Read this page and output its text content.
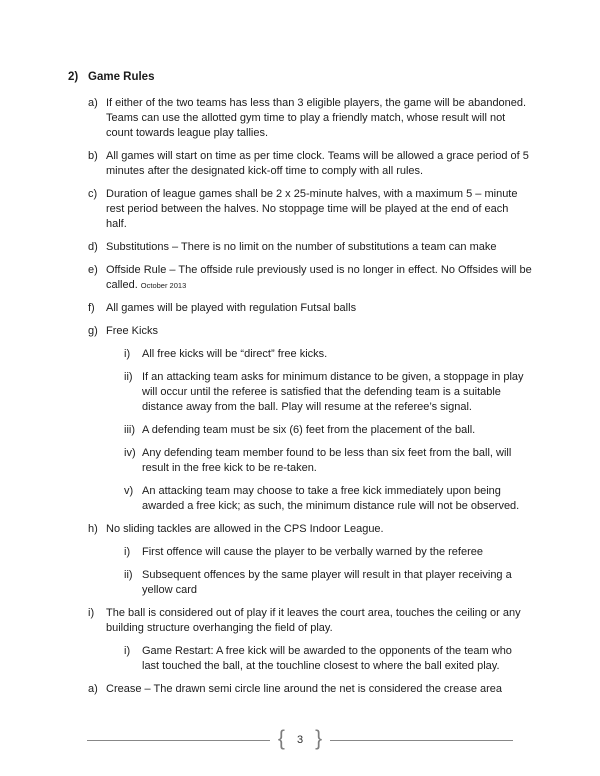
2) Game Rules
a) If either of the two teams has less than 3 eligible players, the game will be abandoned. Teams can use the allotted gym time to play a friendly match, whose result will not count towards league play tallies.
b) All games will start on time as per time clock. Teams will be allowed a grace period of 5 minutes after the designated kick-off time to comply with all rules.
c) Duration of league games shall be 2 x 25-minute halves, with a maximum 5 – minute rest period between the halves. No stoppage time will be played at the end of each half.
d) Substitutions – There is no limit on the number of substitutions a team can make
e) Offside Rule – The offside rule previously used is no longer in effect. No Offsides will be called. October 2013
f)	All games will be played with regulation Futsal balls
g) Free Kicks
i)	All free kicks will be “direct” free kicks.
ii) If an attacking team asks for minimum distance to be given, a stoppage in play will occur until the referee is satisfied that the defending team is a suitable distance away from the ball. Play will resume at the referee’s signal.
iii) A defending team must be six (6) feet from the placement of the ball.
iv) Any defending team member found to be less than six feet from the ball, will result in the free kick to be re-taken.
v) An attacking team may choose to take a free kick immediately upon being awarded a free kick; as such, the minimum distance rule will not be observed.
h) No sliding tackles are allowed in the CPS Indoor League.
i)	First offence will cause the player to be verbally warned by the referee
ii) Subsequent offences by the same player will result in that player receiving a yellow card
i)	The ball is considered out of play if it leaves the court area, touches the ceiling or any building structure overhanging the field of play.
i)	Game Restart: A free kick will be awarded to the opponents of the team who last touched the ball, at the touchline closest to where the ball exited play.
a) Crease – The drawn semi circle line around the net is considered the crease area
{	3 }
